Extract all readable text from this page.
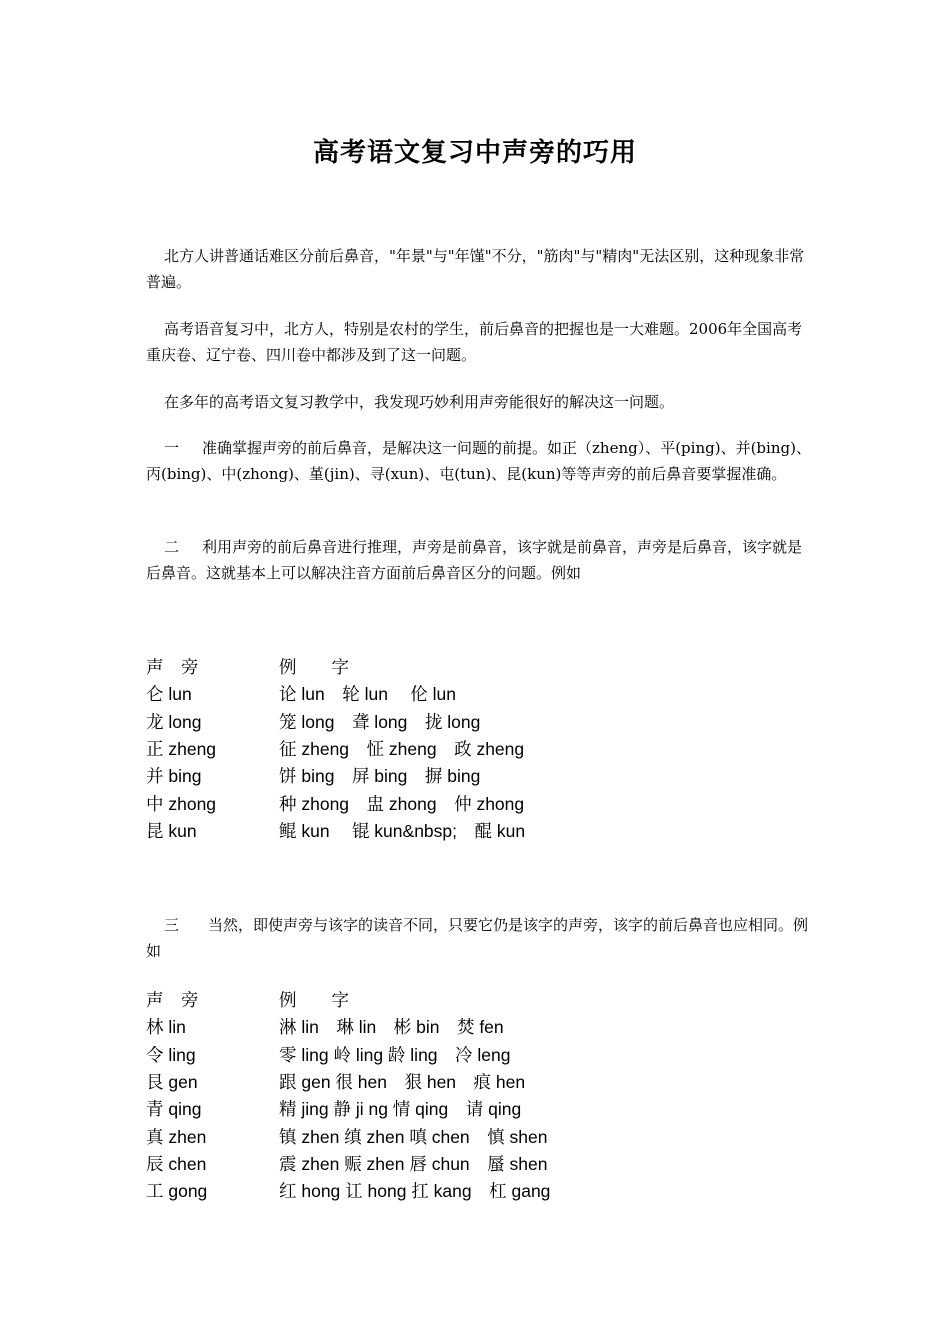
高考语文复习中声旁的巧用
北方人讲普通话难区分前后鼻音，"年景"与"年馑"不分，"筋肉"与"精肉"无法区别，这种现象非常普遍。
高考语音复习中，北方人，特别是农村的学生，前后鼻音的把握也是一大难题。2006年全国高考重庆卷、辽宁卷、四川卷中都涉及到了这一问题。
在多年的高考语文复习教学中，我发现巧妙利用声旁能很好的解决这一问题。
一 准确掌握声旁的前后鼻音，是解决这一问题的前提。如正（zheng）、平(ping)、并(bing)、丙(bing)、中(zhong)、堇(jin)、寻(xun)、屯(tun)、昆(kun)等等声旁的前后鼻音要掌握准确。
二 利用声旁的前后鼻音进行推理，声旁是前鼻音，该字就是前鼻音，声旁是后鼻音，该字就是后鼻音。这就基本上可以解决注音方面前后鼻音区分的问题。例如
声　旁	例　　字
仑 lun	论 lun　轮 lun　 伦 lun
龙 long	笼 long　聋 long　拢 long
正 zheng	征 zheng　怔 zheng　政 zheng
并 bing	饼 bing　屏 bing　摒 bing
中 zhong	种 zhong　盅 zhong　仲 zhong
昆 kun	鲲 kun　 锟 kun&nbsp;　醌 kun
三 当然，即使声旁与该字的读音不同，只要它仍是该字的声旁，该字的前后鼻音也应相同。例如
声　旁	例　　字
林 lin	淋 lin　琳 lin　彬 bin　焚 fen
令 ling	零 ling 岭 ling 龄 ling　冷 leng
艮 gen	跟 gen 很 hen　狠 hen　痕 hen
青 qing	精 jing 静 ji ng 情 qing　请 qing
真 zhen	镇 zhen 缜 zhen 嗔 chen　慎 shen
辰 chen	震 zhen 赈 zhen 唇 chun　蜃 shen
工 gong	红 hong 讧 hong 扛 kang　杠 gang
